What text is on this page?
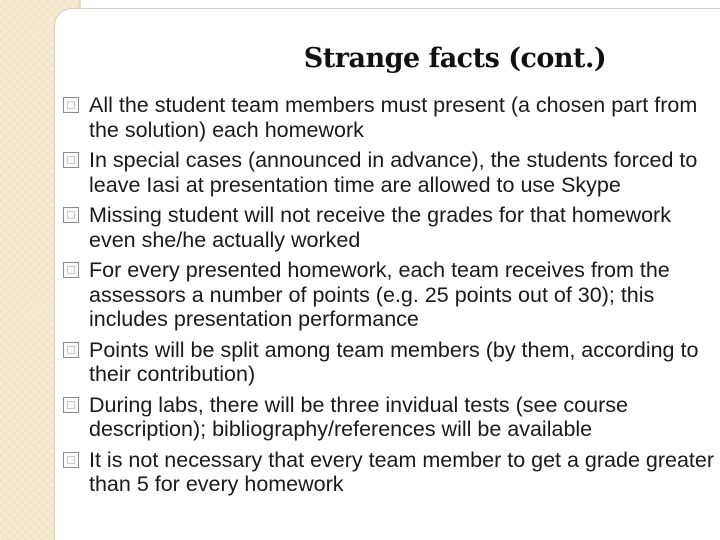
Strange facts (cont.)
All the student team members must present (a chosen part from the solution) each homework
In special cases (announced in advance), the students forced to leave Iasi at presentation time are allowed to use Skype
Missing student will not receive the grades for that homework even she/he actually worked
For every presented homework, each team receives from the assessors a number of points (e.g. 25 points out of 30); this includes presentation performance
Points will be split among team members (by them, according to their contribution)
During labs, there will be three invidual tests (see course description); bibliography/references will be available
It is not necessary that every team member to get a grade greater than 5 for every homework
